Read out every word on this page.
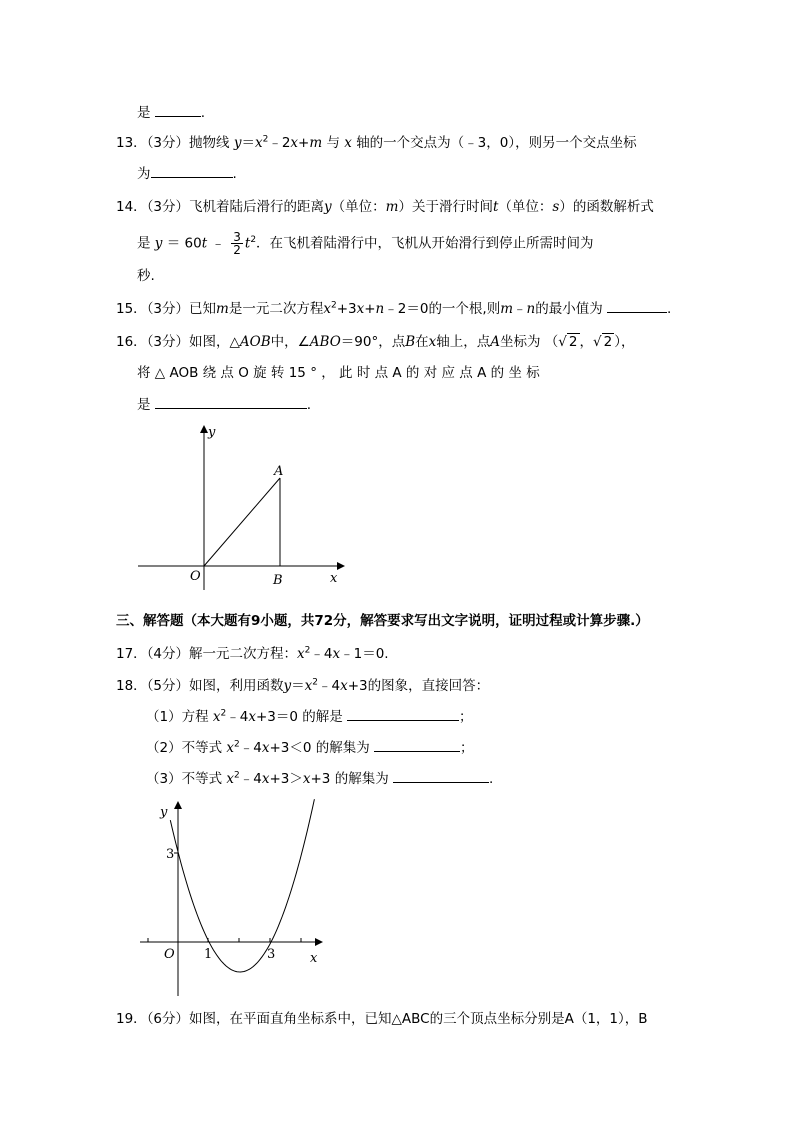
是	.
13．（3分）抛物线 $y=x^2﹣2x+m$ 与 x 轴的一个交点为（﹣3，0），则另一个交点坐标
为	.
14．（3分）飞机着陆后滑行的距离y（单位：m）关于滑行时间t（单位：s）的函数解析式
是 y ＝ 60t ﹣ $\frac{3}{2} t^2$．在飞机着陆滑行中，飞机从开始滑行到停止所需时间为
秒.
15．（3分）已知m是一元二次方程$x^2+3x+n﹣2=0$的一个根,则m﹣n的最小值为	.
16．（3分）如图，△AOB中，∠ABO＝90°，点B在x轴上，点A坐标为 （√ 2 ，√ 2 ），
将 △ AOB 绕 点 O 旋 转 15 ° ， 此 时 点 A 的 对 应 点 A 的 坐 标
是	.
y
x
O
A
B
三、解答题（本大题有9小题，共72分，解答要求写出文字说明，证明过程或计算步骤.）
17．（4分）解一元二次方程：$x^2﹣4x﹣1=0$.
18．（5分）如图，利用函数$y=x^2﹣4x+3$的图象，直接回答：
（1）方程 $x^2﹣4x+3=0$ 的解是	；
（2）不等式 $x^2﹣4x+3<0$ 的解集为	；
（3）不等式 $x^2﹣4x+3>x+3$ 的解集为	.
y
x
O
3
1	3
19．（6分）如图，在平面直角坐标系中，已知△ABC的三个顶点坐标分别是A（1，1），B
